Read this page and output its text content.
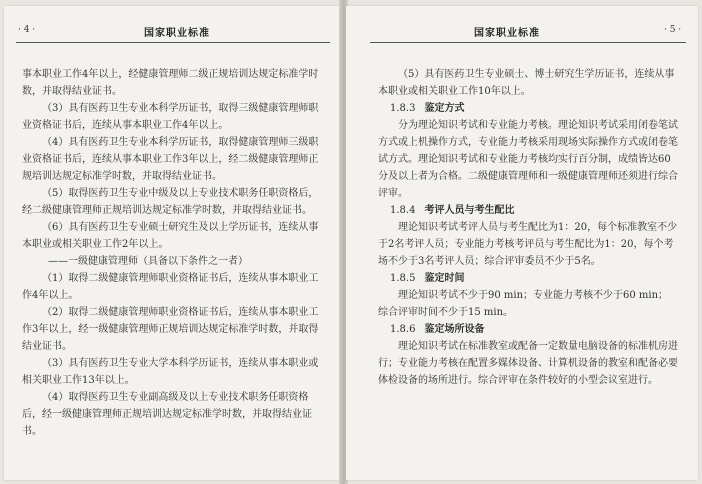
· 4 ·	国家职业标准

事本职业工作4年以上，经健康管理师二级正规培训达规定标准学时数，并取得结业证书。

（3）具有医药卫生专业本科学历证书，取得三级健康管理师职业资格证书后，连续从事本职业工作4年以上。

（4）具有医药卫生专业本科学历证书，取得健康管理师三级职业资格证书后，连续从事本职业工作3年以上，经二级健康管理师正规培训达规定标准学时数，并取得结业证书。

（5）取得医药卫生专业中级及以上专业技术职务任职资格后，经二级健康管理师正规培训达规定标准学时数，并取得结业证书。

（6）具有医药卫生专业硕士研究生及以上学历证书，连续从事本职业或相关职业工作2年以上。

——一级健康管理师（具备以下条件之一者）

（1）取得二级健康管理师职业资格证书后，连续从事本职业工作4年以上。

（2）取得二级健康管理师职业资格证书后，连续从事本职业工作3年以上，经一级健康管理师正规培训达规定标准学时数，并取得结业证书。

（3）具有医药卫生专业大学本科学历证书，连续从事本职业或相关职业工作13年以上。

（4）取得医药卫生专业副高级及以上专业技术职务任职资格后，经一级健康管理师正规培训达规定标准学时数，并取得结业证书。

国家职业标准	· 5 ·

（5）具有医药卫生专业硕士、博士研究生学历证书，连续从事本职业或相关职业工作10年以上。

1.8.3 鉴定方式

分为理论知识考试和专业能力考核。理论知识考试采用闭卷笔试方式或上机操作方式，专业能力考核采用现场实际操作方式或闭卷笔试方式。理论知识考试和专业能力考核均实行百分制，成绩皆达60分及以上者为合格。二级健康管理师和一级健康管理师还须进行综合评审。

1.8.4 考评人员与考生配比

理论知识考试考评人员与考生配比为1：20，每个标准教室不少于2名考评人员；专业能力考核考评员与考生配比为1：20，每个考场不少于3名考评人员；综合评审委员不少于5名。

1.8.5 鉴定时间

理论知识考试不少于90 min；专业能力考核不少于60 min；综合评审时间不少于15 min。

1.8.6 鉴定场所设备

理论知识考试在标准教室或配备一定数量电脑设备的标准机房进行；专业能力考核在配置多媒体设备、计算机设备的教室和配备必要体检设备的场所进行。综合评审在条件较好的小型会议室进行。
